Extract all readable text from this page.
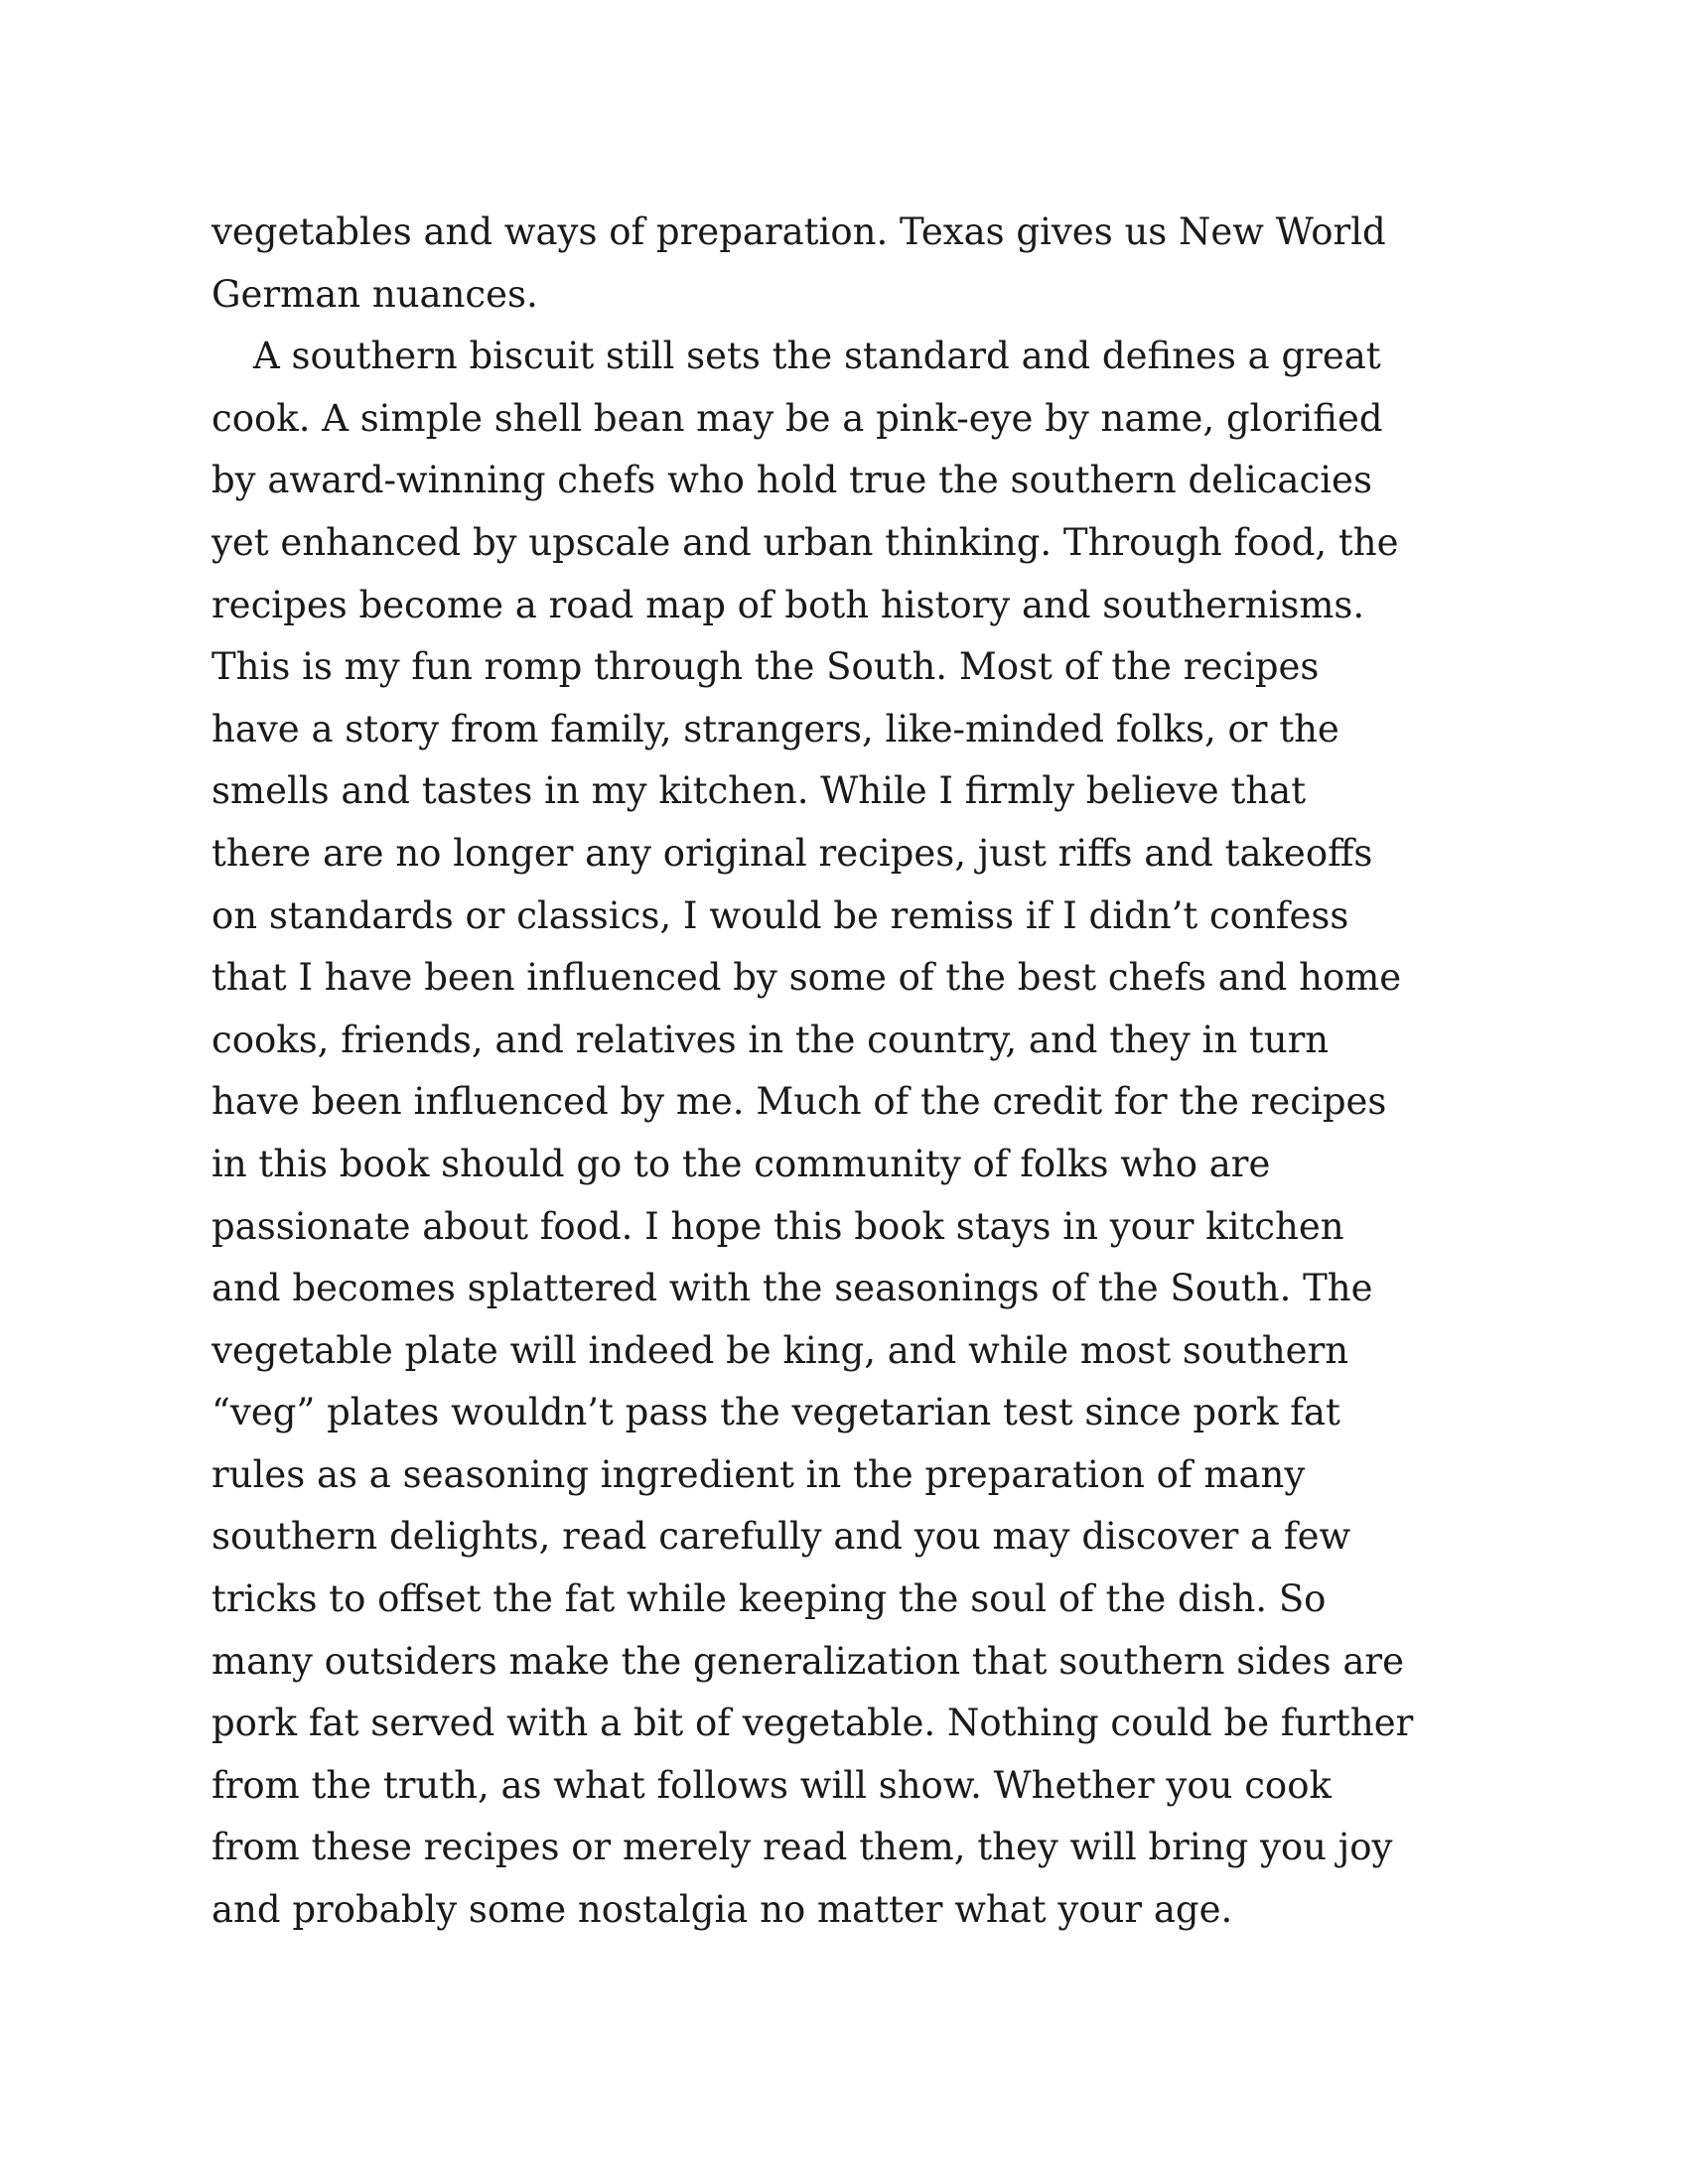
vegetables and ways of preparation. Texas gives us New World
German nuances.
A southern biscuit still sets the standard and defines a great
cook. A simple shell bean may be a pink-eye by name, glorified
by award-winning chefs who hold true the southern delicacies
yet enhanced by upscale and urban thinking. Through food, the
recipes become a road map of both history and southernisms.
This is my fun romp through the South. Most of the recipes
have a story from family, strangers, like-minded folks, or the
smells and tastes in my kitchen. While I firmly believe that
there are no longer any original recipes, just riffs and takeoffs
on standards or classics, I would be remiss if I didn’t confess
that I have been influenced by some of the best chefs and home
cooks, friends, and relatives in the country, and they in turn
have been influenced by me. Much of the credit for the recipes
in this book should go to the community of folks who are
passionate about food. I hope this book stays in your kitchen
and becomes splattered with the seasonings of the South. The
vegetable plate will indeed be king, and while most southern
“veg” plates wouldn’t pass the vegetarian test since pork fat
rules as a seasoning ingredient in the preparation of many
southern delights, read carefully and you may discover a few
tricks to offset the fat while keeping the soul of the dish. So
many outsiders make the generalization that southern sides are
pork fat served with a bit of vegetable. Nothing could be further
from the truth, as what follows will show. Whether you cook
from these recipes or merely read them, they will bring you joy
and probably some nostalgia no matter what your age.
